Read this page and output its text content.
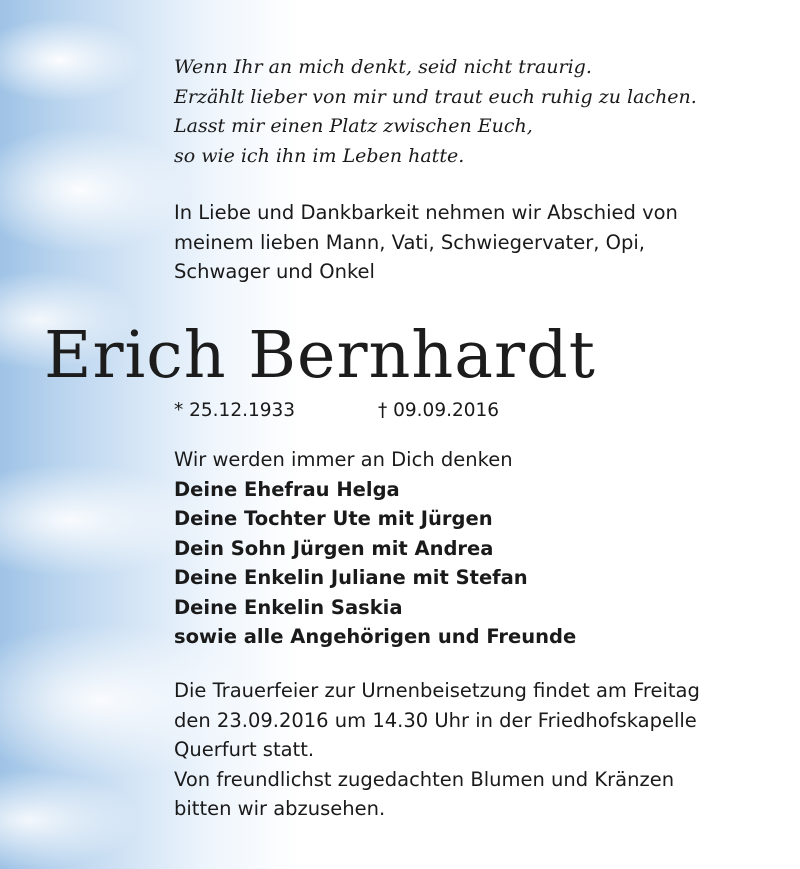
Wenn Ihr an mich denkt, seid nicht traurig.
Erzählt lieber von mir und traut euch ruhig zu lachen.
Lasst mir einen Platz zwischen Euch,
so wie ich ihn im Leben hatte.
In Liebe und Dankbarkeit nehmen wir Abschied von
meinem lieben Mann, Vati, Schwiegervater, Opi,
Schwager und Onkel
Erich Bernhardt
* 25.12.1933	† 09.09.2016
Wir werden immer an Dich denken
Deine Ehefrau Helga
Deine Tochter Ute mit Jürgen
Dein Sohn Jürgen mit Andrea
Deine Enkelin Juliane mit Stefan
Deine Enkelin Saskia
sowie alle Angehörigen und Freunde
Die Trauerfeier zur Urnenbeisetzung findet am Freitag
den 23.09.2016 um 14.30 Uhr in der Friedhofskapelle
Querfurt statt.
Von freundlichst zugedachten Blumen und Kränzen
bitten wir abzusehen.
